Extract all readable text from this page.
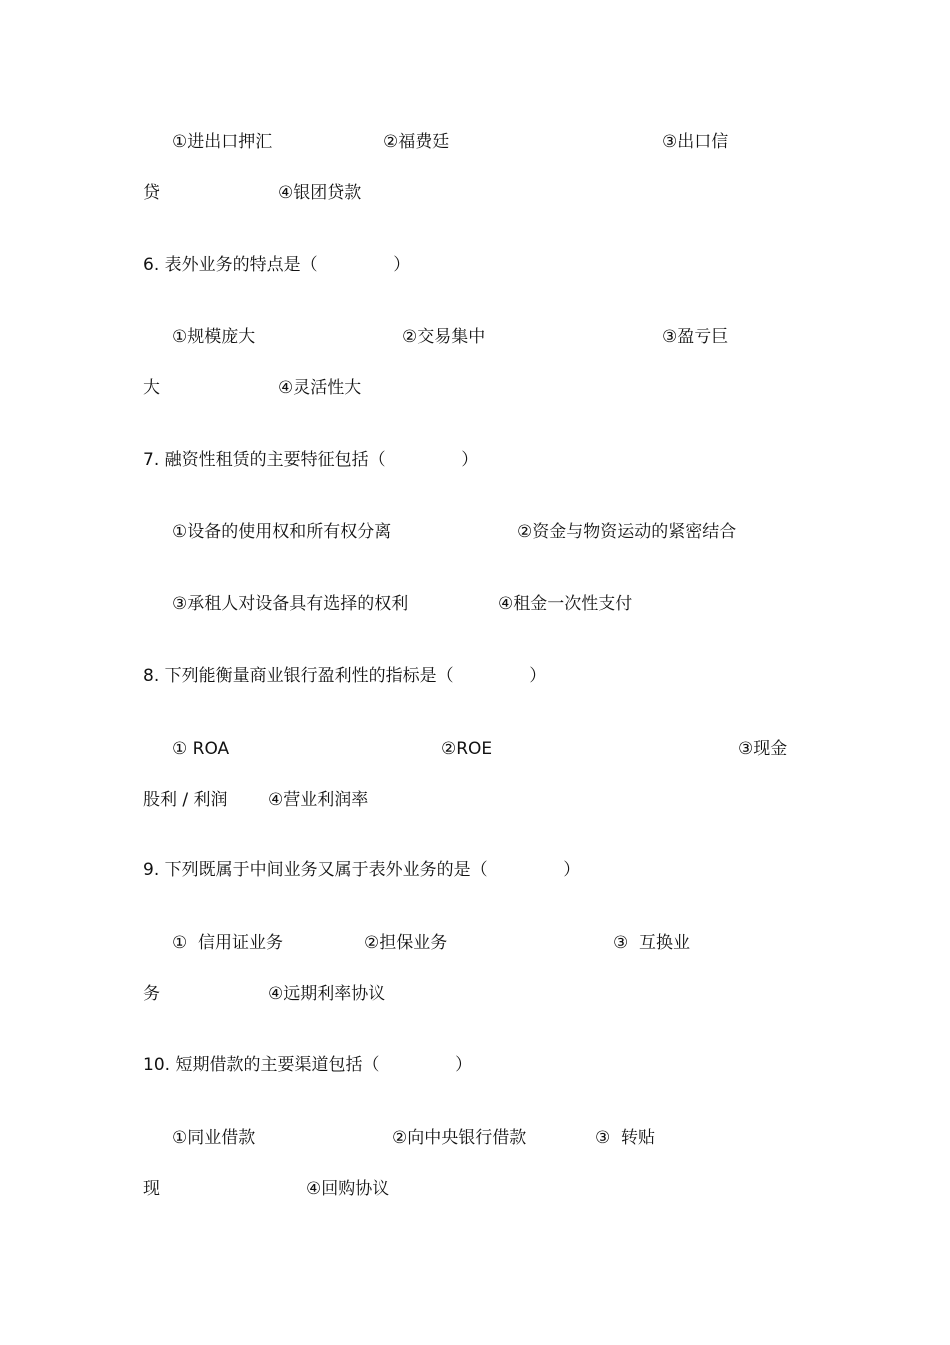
①进出口押汇	②福费廷	③出口信
贷	④银团贷款
6. 表外业务的特点是（              ）
①规模庞大	②交易集中	③盈亏巨
大	④灵活性大
7. 融资性租赁的主要特征包括（              ）
①设备的使用权和所有权分离	②资金与物资运动的紧密结合
③承租人对设备具有选择的权利	④租金一次性支付
8. 下列能衡量商业银行盈利性的指标是（              ）
① ROA	②ROE	③现金
股利 / 利润 ④营业利润率
9. 下列既属于中间业务又属于表外业务的是（              ）
①  信用证业务	②担保业务	③  互换业
务	④远期利率协议
10. 短期借款的主要渠道包括（              ）
①同业借款	②向中央银行借款	③  转贴
现	④回购协议
